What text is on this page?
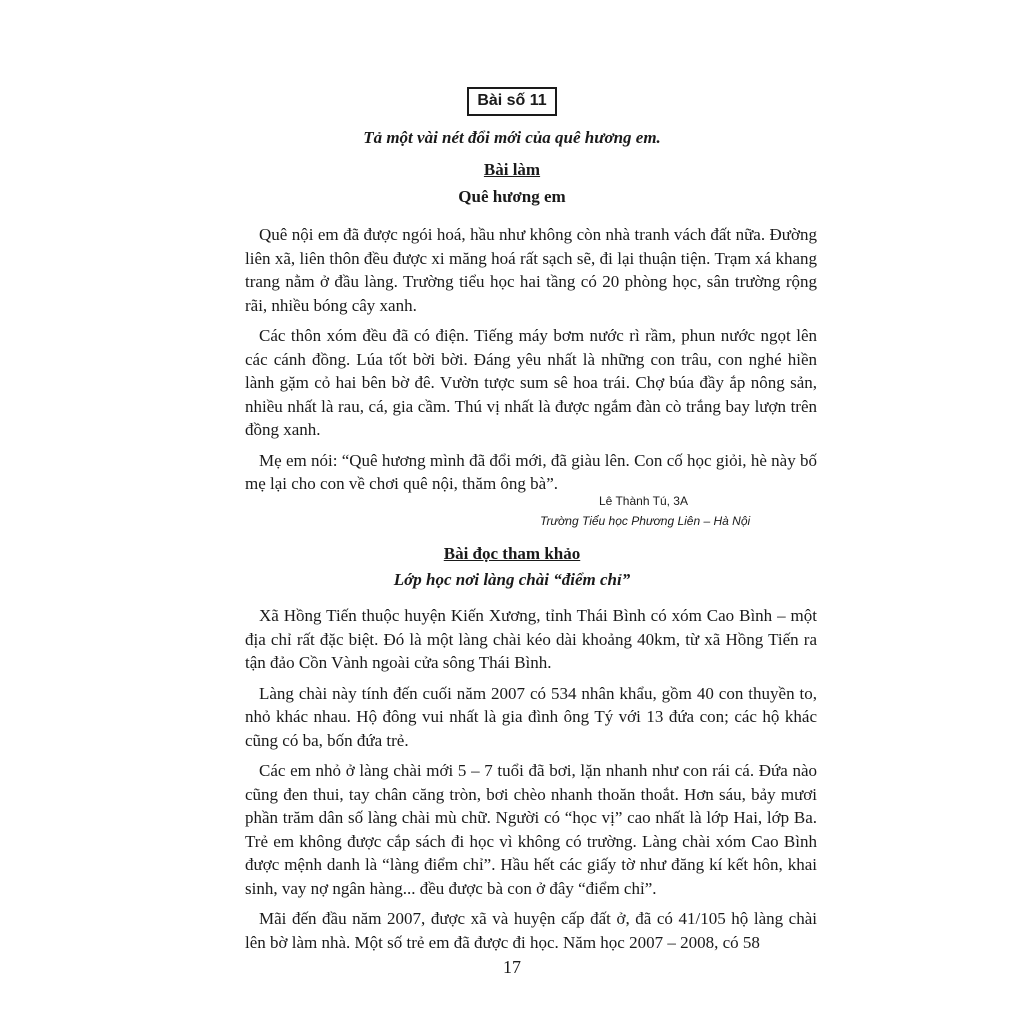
Bài số 11
Tả một vài nét đổi mới của quê hương em.
Bài làm
Quê hương em

Quê nội em đã được ngói hoá, hầu như không còn nhà tranh vách đất nữa. Đường liên xã, liên thôn đều được xi măng hoá rất sạch sẽ, đi lại thuận tiện. Trạm xá khang trang nằm ở đầu làng. Trường tiểu học hai tầng có 20 phòng học, sân trường rộng rãi, nhiều bóng cây xanh.

Các thôn xóm đều đã có điện. Tiếng máy bơm nước rì rầm, phun nước ngọt lên các cánh đồng. Lúa tốt bời bời. Đáng yêu nhất là những con trâu, con nghé hiền lành gặm cỏ hai bên bờ đê. Vườn tược sum sê hoa trái. Chợ búa đầy ắp nông sản, nhiều nhất là rau, cá, gia cầm. Thú vị nhất là được ngắm đàn cò trắng bay lượn trên đồng xanh.

Mẹ em nói: “Quê hương mình đã đổi mới, đã giàu lên. Con cố học giỏi, hè này bố mẹ lại cho con về chơi quê nội, thăm ông bà”.

Lê Thành Tú, 3A
Trường Tiểu học Phương Liên – Hà Nội
Bài đọc tham khảo
Lớp học nơi làng chài “điểm chỉ”

Xã Hồng Tiến thuộc huyện Kiến Xương, tỉnh Thái Bình có xóm Cao Bình – một địa chỉ rất đặc biệt. Đó là một làng chài kéo dài khoảng 40km, từ xã Hồng Tiến ra tận đảo Cồn Vành ngoài cửa sông Thái Bình.

Làng chài này tính đến cuối năm 2007 có 534 nhân khẩu, gồm 40 con thuyền to, nhỏ khác nhau. Hộ đông vui nhất là gia đình ông Tý với 13 đứa con; các hộ khác cũng có ba, bốn đứa trẻ.

Các em nhỏ ở làng chài mới 5 – 7 tuổi đã bơi, lặn nhanh như con rái cá. Đứa nào cũng đen thui, tay chân căng tròn, bơi chèo nhanh thoăn thoắt. Hơn sáu, bảy mươi phần trăm dân số làng chài mù chữ. Người có “học vị” cao nhất là lớp Hai, lớp Ba. Trẻ em không được cắp sách đi học vì không có trường. Làng chài xóm Cao Bình được mệnh danh là “làng điểm chỉ”. Hầu hết các giấy tờ như đăng kí kết hôn, khai sinh, vay nợ ngân hàng... đều được bà con ở đây “điểm chỉ”.

Mãi đến đầu năm 2007, được xã và huyện cấp đất ở, đã có 41/105 hộ làng chài lên bờ làm nhà. Một số trẻ em đã được đi học. Năm học 2007 – 2008, có 58

17
